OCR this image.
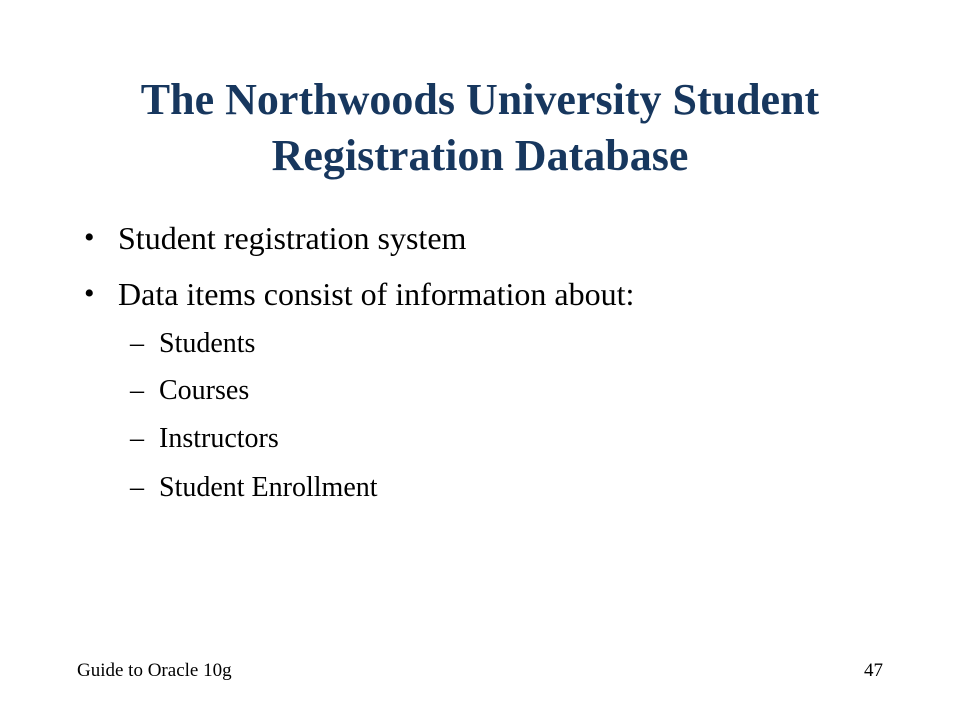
The Northwoods University Student
Registration Database
• Student registration system
• Data items consist of information about:
– Students
– Courses
– Instructors
– Student Enrollment
Guide to Oracle 10g	47
